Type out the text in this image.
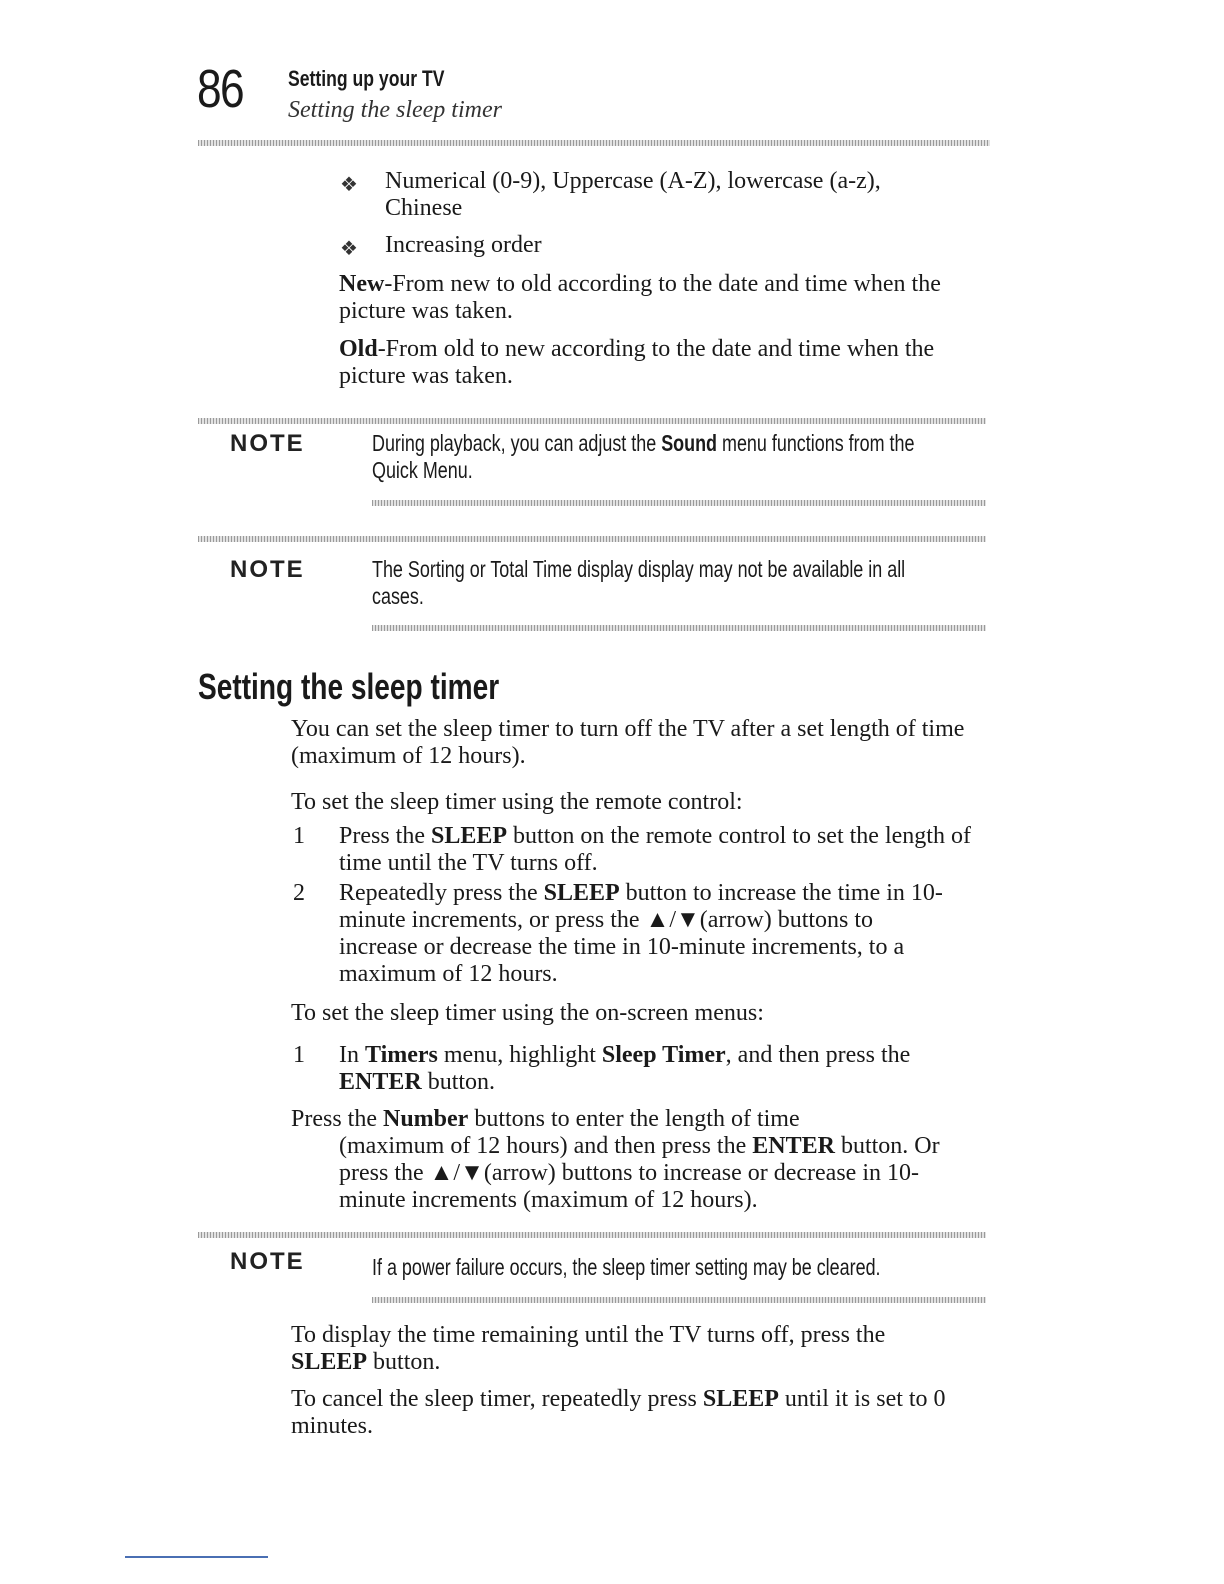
86 Setting up your TV
Setting the sleep timer
❖ Numerical (0-9), Uppercase (A-Z), lowercase (a-z), Chinese
❖ Increasing order
New-From new to old according to the date and time when the picture was taken.
Old-From old to new according to the date and time when the picture was taken.
NOTE	During playback, you can adjust the Sound menu functions from the
Quick Menu.
NOTE	The Sorting or Total Time display display may not be available in all
cases.
Setting the sleep timer
You can set the sleep timer to turn off the TV after a set length of time (maximum of 12 hours).
To set the sleep timer using the remote control:
1 Press the SLEEP button on the remote control to set the length of time until the TV turns off.
2 Repeatedly press the SLEEP button to increase the time in 10-minute increments, or press the ▲/▼(arrow) buttons to increase or decrease the time in 10-minute increments, to a maximum of 12 hours.
To set the sleep timer using the on-screen menus:
1 In Timers menu, highlight Sleep Timer, and then press the ENTER button.
Press the Number buttons to enter the length of time
(maximum of 12 hours) and then press the ENTER button. Or press the ▲/▼(arrow) buttons to increase or decrease in 10-minute increments (maximum of 12 hours).
NOTE	If a power failure occurs, the sleep timer setting may be cleared.
To display the time remaining until the TV turns off, press the SLEEP button.
To cancel the sleep timer, repeatedly press SLEEP until it is set to 0 minutes.
